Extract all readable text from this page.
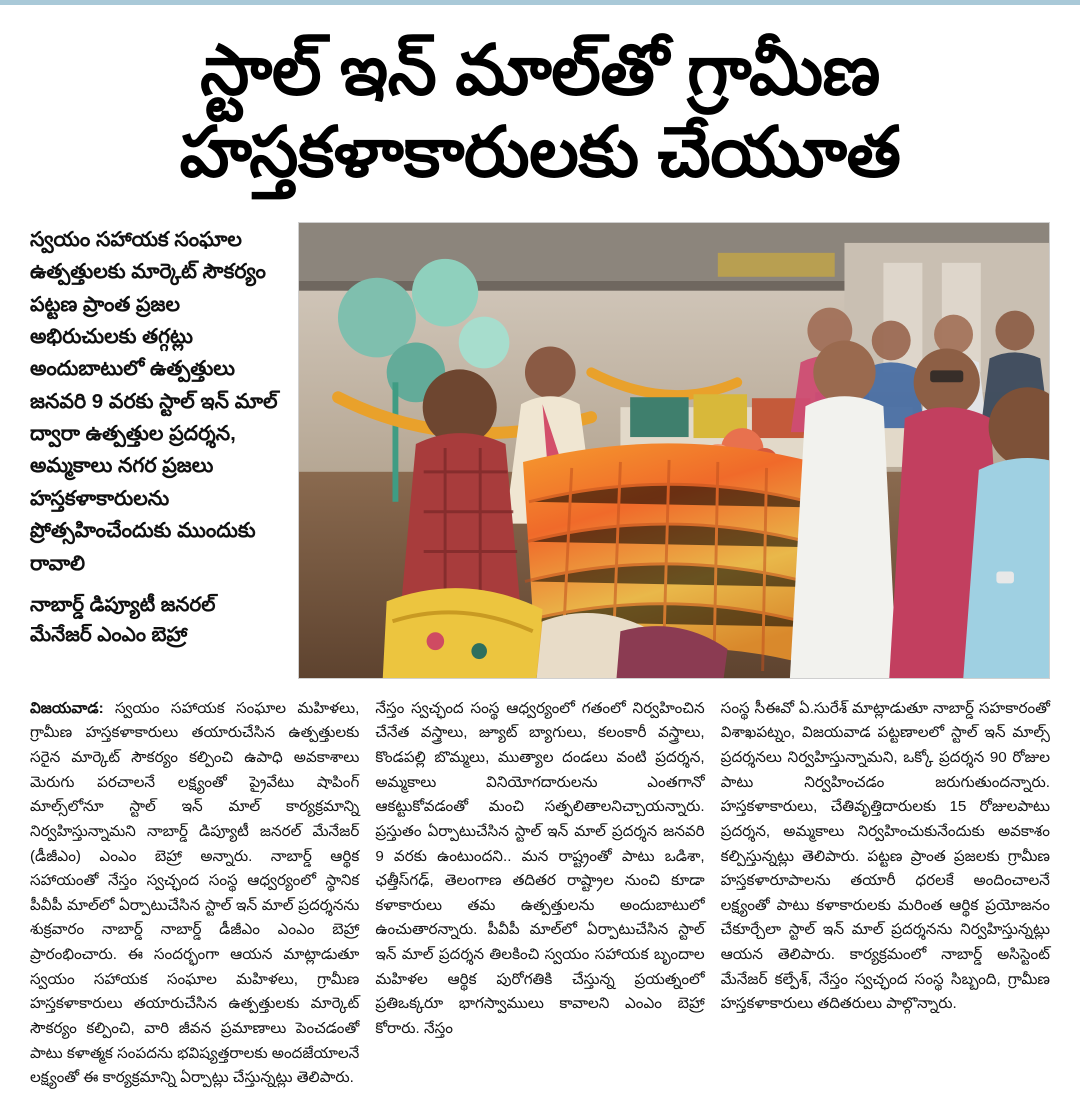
స్టాల్ ఇన్ మాల్‌తో గ్రామీణ
హస్తకళాకారులకు చేయూత

స్వయం సహాయక సంఘాల ఉత్పత్తులకు మార్కెట్ సౌకర్యం పట్టణ ప్రాంత ప్రజల అభిరుచులకు తగ్గట్లు అందుబాటులో ఉత్పత్తులు జనవరి 9 వరకు స్టాల్ ఇన్ మాల్ ద్వారా ఉత్పత్తుల ప్రదర్శన, అమ్మకాలు నగర ప్రజలు హస్తకళాకారులను ప్రోత్సహించేందుకు ముందుకు రావాలి

నాబార్డ్ డిప్యూటీ జనరల్ మేనేజర్ ఎంఎం బెహ్రా

విజయవాడ: స్వయం సహాయక సంఘాల మహిళలు, గ్రామీణ హస్తకళాకారులు తయారుచేసిన ఉత్పత్తులకు సరైన మార్కెట్ సౌకర్యం కల్పించి ఉపాధి అవకాశాలు మెరుగు పరచాలనే లక్ష్యంతో ప్రైవేటు షాపింగ్ మాల్స్‌లోనూ స్టాల్ ఇన్ మాల్ కార్యక్రమాన్ని నిర్వహిస్తున్నామని నాబార్డ్ డిప్యూటీ జనరల్ మేనేజర్ (డీజీఎం) ఎంఎం బెహ్రా అన్నారు. నాబార్డ్ ఆర్థిక సహాయంతో నేస్తం స్వచ్ఛంద సంస్థ ఆధ్వర్యంలో స్థానిక పీవీపీ మాల్‌లో ఏర్పాటుచేసిన స్టాల్ ఇన్ మాల్ ప్రదర్శనను శుక్రవారం నాబార్డ్ నాబార్డ్ డీజీఎం ఎంఎం బెహ్రా ప్రారంభించారు. ఈ సందర్భంగా ఆయన మాట్లాడుతూ స్వయం సహాయక సంఘాల మహిళలు, గ్రామీణ హస్తకళాకారులు తయారుచేసిన ఉత్పత్తులకు మార్కెట్ సౌకర్యం కల్పించి, వారి జీవన ప్రమాణాలు పెంచడంతో పాటు కళాత్మక సంపదను భవిష్యత్తరాలకు అందజేయాలనే లక్ష్యంతో ఈ కార్యక్రమాన్ని ఏర్పాట్లు చేస్తున్నట్లు తెలిపారు.

నేస్తం స్వచ్ఛంద సంస్థ ఆధ్వర్యంలో గతంలో నిర్వహించిన చేనేత వస్త్రాలు, జ్యూట్ బ్యాగులు, కలంకారీ వస్త్రాలు, కొండపల్లి బొమ్మలు, ముత్యాల దండలు వంటి ప్రదర్శన, అమ్మకాలు వినియోగదారులను ఎంతగానో ఆకట్టుకోవడంతో మంచి సత్ఫలితాలనిచ్చాయన్నారు. ప్రస్తుతం ఏర్పాటుచేసిన స్టాల్ ఇన్ మాల్ ప్రదర్శన జనవరి 9 వరకు ఉంటుందని.. మన రాష్ట్రంతో పాటు ఒడిశా, ఛత్తీస్‌గఢ్, తెలంగాణ తదితర రాష్ట్రాల నుంచి కూడా కళాకారులు తమ ఉత్పత్తులను అందుబాటులో ఉంచుతారన్నారు. పీవీపీ మాల్‌లో ఏర్పాటుచేసిన స్టాల్ ఇన్ మాల్ ప్రదర్శన తిలకించి స్వయం సహాయక బృందాల మహిళల ఆర్థిక పురోగతికి చేస్తున్న ప్రయత్నంలో ప్రతిఒక్కరూ భాగస్వాములు కావాలని ఎంఎం బెహ్రా కోరారు. నేస్తం

సంస్థ సీఈవో ఏ.సురేశ్ మాట్లాడుతూ నాబార్డ్ సహకారంతో విశాఖపట్నం, విజయవాడ పట్టణాలలో స్టాల్ ఇన్ మాల్స్ ప్రదర్శనలు నిర్వహిస్తున్నామని, ఒక్కో ప్రదర్శన 90 రోజుల పాటు నిర్వహించడం జరుగుతుందన్నారు. హస్తకళాకారులు, చేతివృత్తిదారులకు 15 రోజులపాటు ప్రదర్శన, అమ్మకాలు నిర్వహించుకునేందుకు అవకాశం కల్పిస్తున్నట్లు తెలిపారు. పట్టణ ప్రాంత ప్రజలకు గ్రామీణ హస్తకళారూపాలను తయారీ ధరలకే అందించాలనే లక్ష్యంతో పాటు కళాకారులకు మరింత ఆర్థిక ప్రయోజనం చేకూర్చేలా స్టాల్ ఇన్ మాల్ ప్రదర్శనను నిర్వహిస్తున్నట్లు ఆయన తెలిపారు. కార్యక్రమంలో నాబార్డ్ అసిస్టెంట్ మేనేజర్ కల్పేశ్, నేస్తం స్వచ్ఛంద సంస్థ సిబ్బంది, గ్రామీణ హస్తకళాకారులు తదితరులు పాల్గొన్నారు.
